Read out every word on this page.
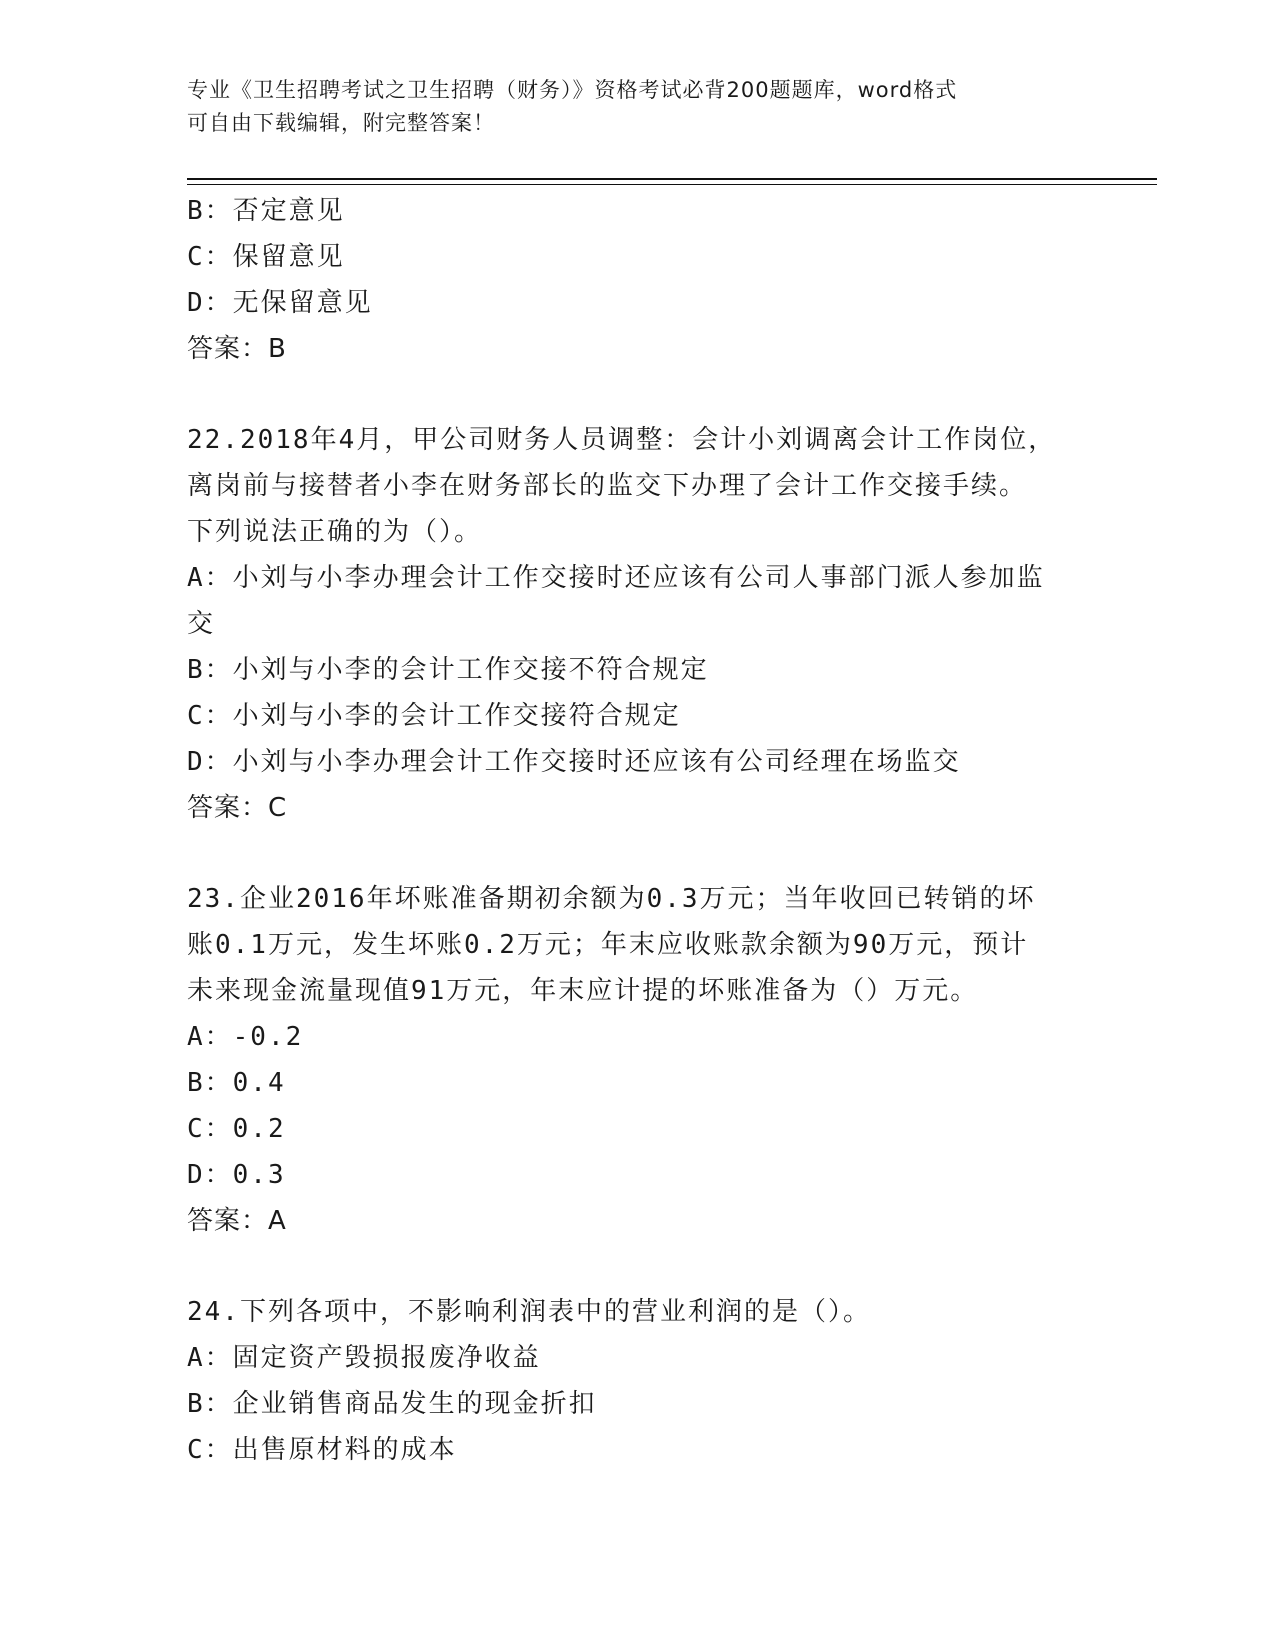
专业《卫生招聘考试之卫生招聘（财务）》资格考试必背200题题库，word格式
可自由下载编辑，附完整答案！
B：否定意见
C：保留意见
D：无保留意见
答案：B
22.2018年4月，甲公司财务人员调整：会计小刘调离会计工作岗位，
离岗前与接替者小李在财务部长的监交下办理了会计工作交接手续。
下列说法正确的为（）。
A：小刘与小李办理会计工作交接时还应该有公司人事部门派人参加监
交
B：小刘与小李的会计工作交接不符合规定
C：小刘与小李的会计工作交接符合规定
D：小刘与小李办理会计工作交接时还应该有公司经理在场监交
答案：C
23.企业2016年坏账准备期初余额为0.3万元；当年收回已转销的坏
账0.1万元，发生坏账0.2万元；年末应收账款余额为90万元，预计
未来现金流量现值91万元，年末应计提的坏账准备为（）万元。
A：-0.2
B：0.4
C：0.2
D：0.3
答案：A
24.下列各项中，不影响利润表中的营业利润的是（）。
A：固定资产毁损报废净收益
B：企业销售商品发生的现金折扣
C：出售原材料的成本
